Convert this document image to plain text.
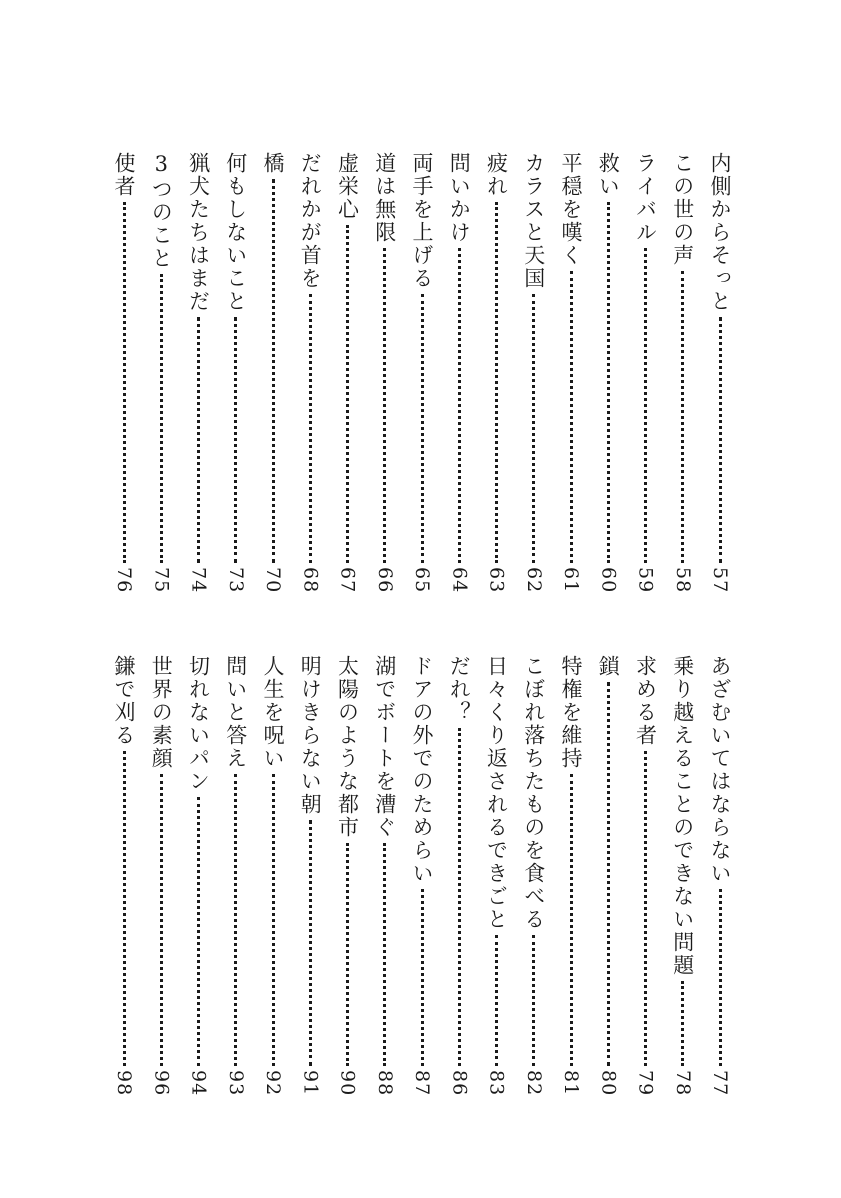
内側からそっと
57
この世の声
58
ライバル
59
救い
60
平穏を嘆く
61
カラスと天国
62
疲れ
63
問いかけ
64
両手を上げる
65
道は無限
66
虚栄心
67
だれかが首を
68
橋
70
何もしないこと
73
猟犬たちはまだ
74
3つのこと
75
使者
76
あざむいてはならない
77
乗り越えることのできない問題
78
求める者
79
鎖
80
特権を維持
81
こぼれ落ちたものを食べる
82
日々くり返されるできごと
83
だれ？
86
ドアの外でのためらい
87
湖でボートを漕ぐ
88
太陽のような都市
90
明けきらない朝
91
人生を呪い
92
問いと答え
93
切れないパン
94
世界の素顔
96
鎌で刈る
98
